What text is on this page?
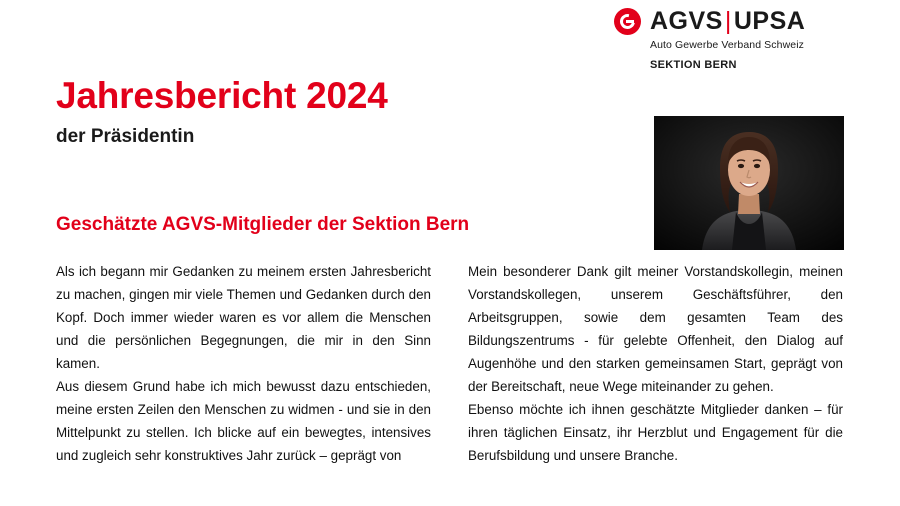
AGVS|UPSA
Auto Gewerbe Verband Schweiz
SEKTION BERN
Jahresbericht 2024
der Präsidentin
Geschätzte AGVS-Mitglieder der Sektion Bern

Als ich begann mir Gedanken zu meinem ersten Jahresbericht zu machen, gingen mir viele Themen und Gedanken durch den Kopf. Doch immer wieder waren es vor allem die Menschen und die persönlichen Begegnungen, die mir in den Sinn kamen.

Aus diesem Grund habe ich mich bewusst dazu entschieden, meine ersten Zeilen den Menschen zu widmen - und sie in den Mittelpunkt zu stellen. Ich blicke auf ein bewegtes, intensives und zugleich sehr konstruktives Jahr zurück – geprägt von

Mein besonderer Dank gilt meiner Vorstandskollegin, meinen Vorstandskollegen, unserem Geschäftsführer, den Arbeitsgruppen, sowie dem gesamten Team des Bildungszentrums - für gelebte Offenheit, den Dialog auf Augenhöhe und den starken gemeinsamen Start, geprägt von der Bereitschaft, neue Wege miteinander zu gehen.

Ebenso möchte ich ihnen geschätzte Mitglieder danken – für ihren täglichen Einsatz, ihr Herzblut und Engagement für die Berufsbildung und unsere Branche.
